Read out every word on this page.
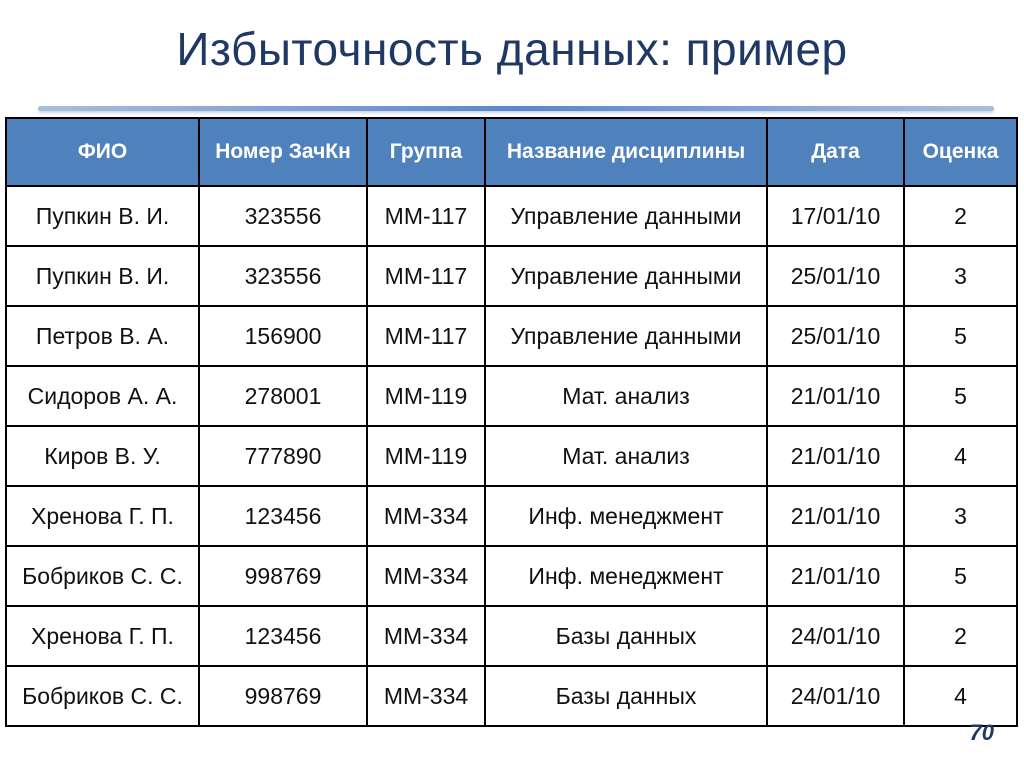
Избыточность данных: пример
ФИО	Номер ЗачКн	Группа	Название дисциплины	Дата	Оценка
Пупкин В. И.	323556	ММ-117	Управление данными	17/01/10	2
Пупкин В. И.	323556	ММ-117	Управление данными	25/01/10	3
Петров В. А.	156900	ММ-117	Управление данными	25/01/10	5
Сидоров А. А.	278001	ММ-119	Мат. анализ	21/01/10	5
Киров В. У.	777890	ММ-119	Мат. анализ	21/01/10	4
Хренова Г. П.	123456	ММ-334	Инф. менеджмент	21/01/10	3
Бобриков С. С.	998769	ММ-334	Инф. менеджмент	21/01/10	5
Хренова Г. П.	123456	ММ-334	Базы данных	24/01/10	2
Бобриков С. С.	998769	ММ-334	Базы данных	24/01/10	4
70
